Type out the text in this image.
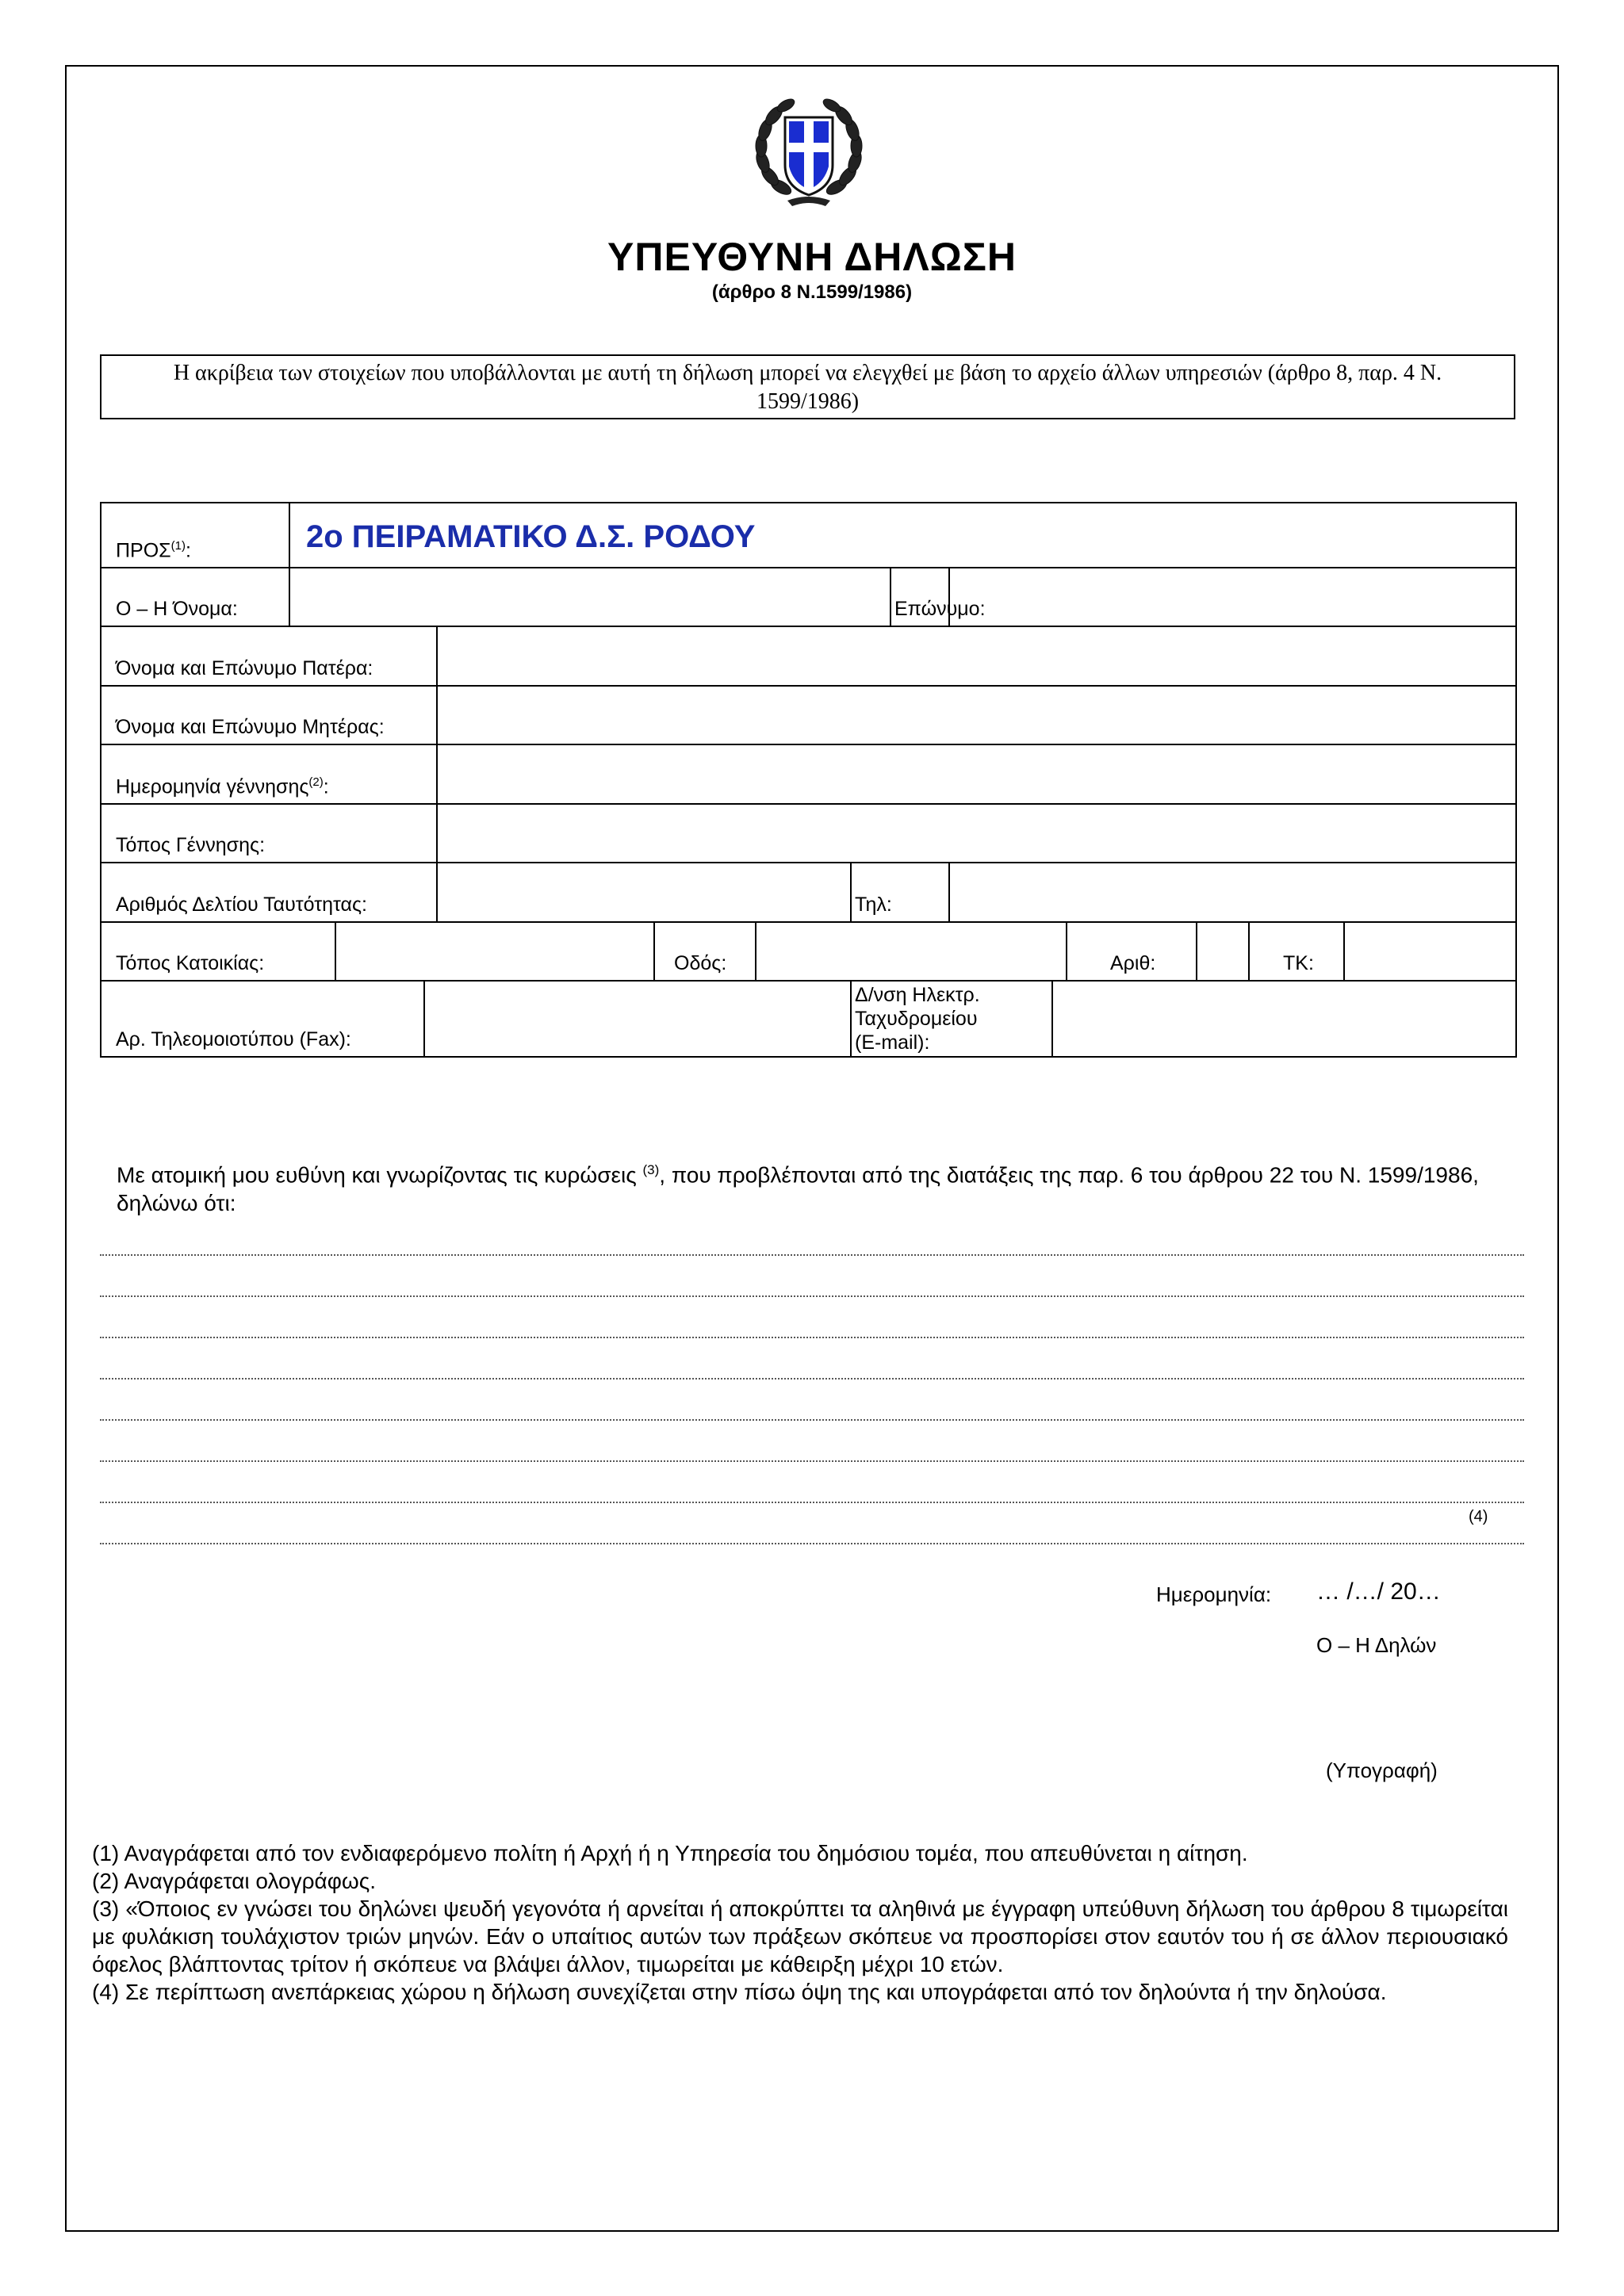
ΥΠΕΥΘΥΝΗ ΔΗΛΩΣΗ
(άρθρο 8 Ν.1599/1986)
Η ακρίβεια των στοιχείων που υποβάλλονται με αυτή τη δήλωση μπορεί να ελεγχθεί με βάση το αρχείο άλλων υπηρεσιών (άρθρο 8, παρ. 4 Ν. 1599/1986)
ΠΡΟΣ$^{(1)}$:	2ο ΠΕΙΡΑΜΑΤΙΚΟ Δ.Σ. ΡΟΔΟΥ
Ο – Η Όνομα:	Επώνυμο:
Όνομα και Επώνυμο Πατέρα:
Όνομα και Επώνυμο Μητέρας:
Ημερομηνία γέννησης$^{(2)}$:
Τόπος Γέννησης:
Αριθμός Δελτίου Ταυτότητας:	Τηλ:
Τόπος Κατοικίας:	Οδός:	Αριθ:	ΤΚ:
Αρ. Τηλεομοιοτύπου (Fax):
Δ/νση Ηλεκτρ.
Ταχυδρομείου
(E-mail):
Με ατομική μου ευθύνη και γνωρίζοντας τις κυρώσεις $^{(3)}$, που προβλέπονται από της διατάξεις της παρ. 6 του άρθρου 22 του Ν. 1599/1986, δηλώνω ότι:
(4)
Ημερομηνία: … /…/ 20…
Ο – Η Δηλών
(Υπογραφή)

(1) Αναγράφεται από τον ενδιαφερόμενο πολίτη ή Αρχή ή η Υπηρεσία του δημόσιου τομέα, που απευθύνεται η αίτηση.

(2) Αναγράφεται ολογράφως.

(3) «Όποιος εν γνώσει του δηλώνει ψευδή γεγονότα ή αρνείται ή αποκρύπτει τα αληθινά με έγγραφη υπεύθυνη δήλωση του άρθρου 8 τιμωρείται με φυλάκιση τουλάχιστον τριών μηνών. Εάν ο υπαίτιος αυτών των πράξεων σκόπευε να προσπορίσει στον εαυτόν του ή σε άλλον περιουσιακό όφελος βλάπτοντας τρίτον ή σκόπευε να βλάψει άλλον, τιμωρείται με κάθειρξη μέχρι 10 ετών.

(4) Σε περίπτωση ανεπάρκειας χώρου η δήλωση συνεχίζεται στην πίσω όψη της και υπογράφεται από τον δηλούντα ή την δηλούσα.
